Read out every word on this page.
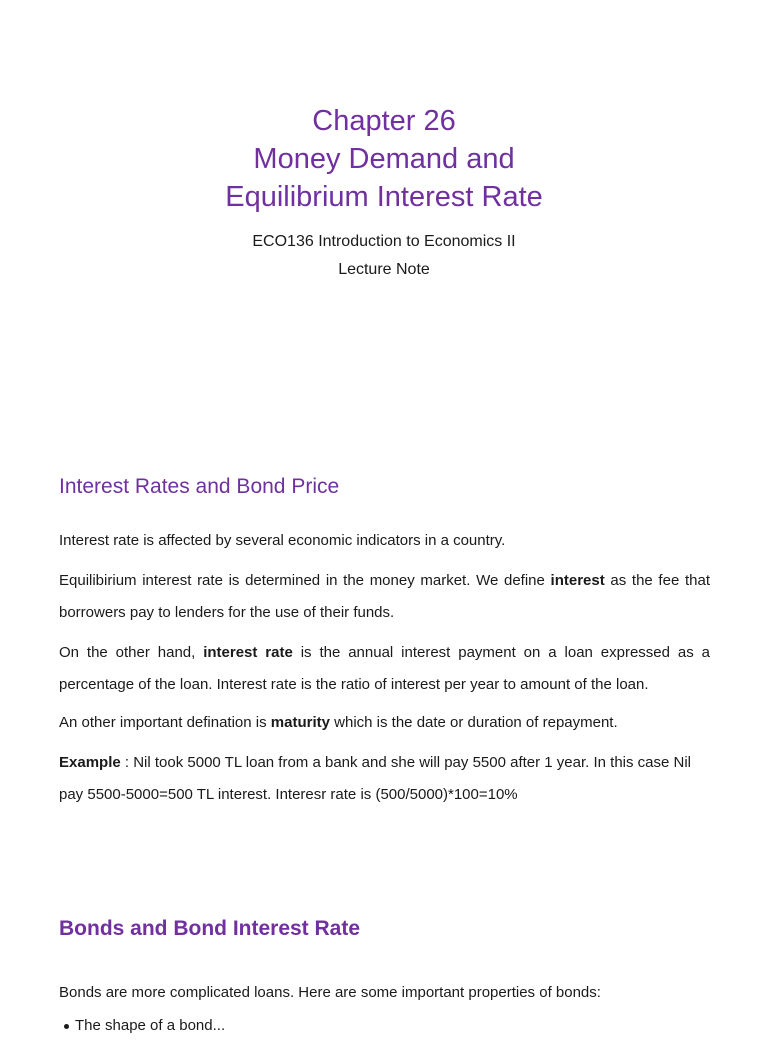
Chapter 26
Money Demand and
Equilibrium Interest Rate
ECO136 Introduction to Economics II
Lecture Note
Interest Rates and Bond Price
Interest rate is affected by several economic indicators in a country.
Equilibirium interest rate is determined in the money market. We define interest as the fee that borrowers pay to lenders for the use of their funds.
On the other hand, interest rate is the annual interest payment on a loan expressed as a percentage of the loan. Interest rate is the ratio of interest per year to amount of the loan.
An other important defination is maturity which is the date or duration of repayment.
Example : Nil took 5000 TL loan from a bank and she will pay 5500 after 1 year. In this case Nil pay 5500-5000=500 TL interest. Interesr rate is (500/5000)*100=10%
Bonds and Bond Interest Rate
Bonds are more complicated loans. Here are some important properties of bonds:
The shape of a bond...
